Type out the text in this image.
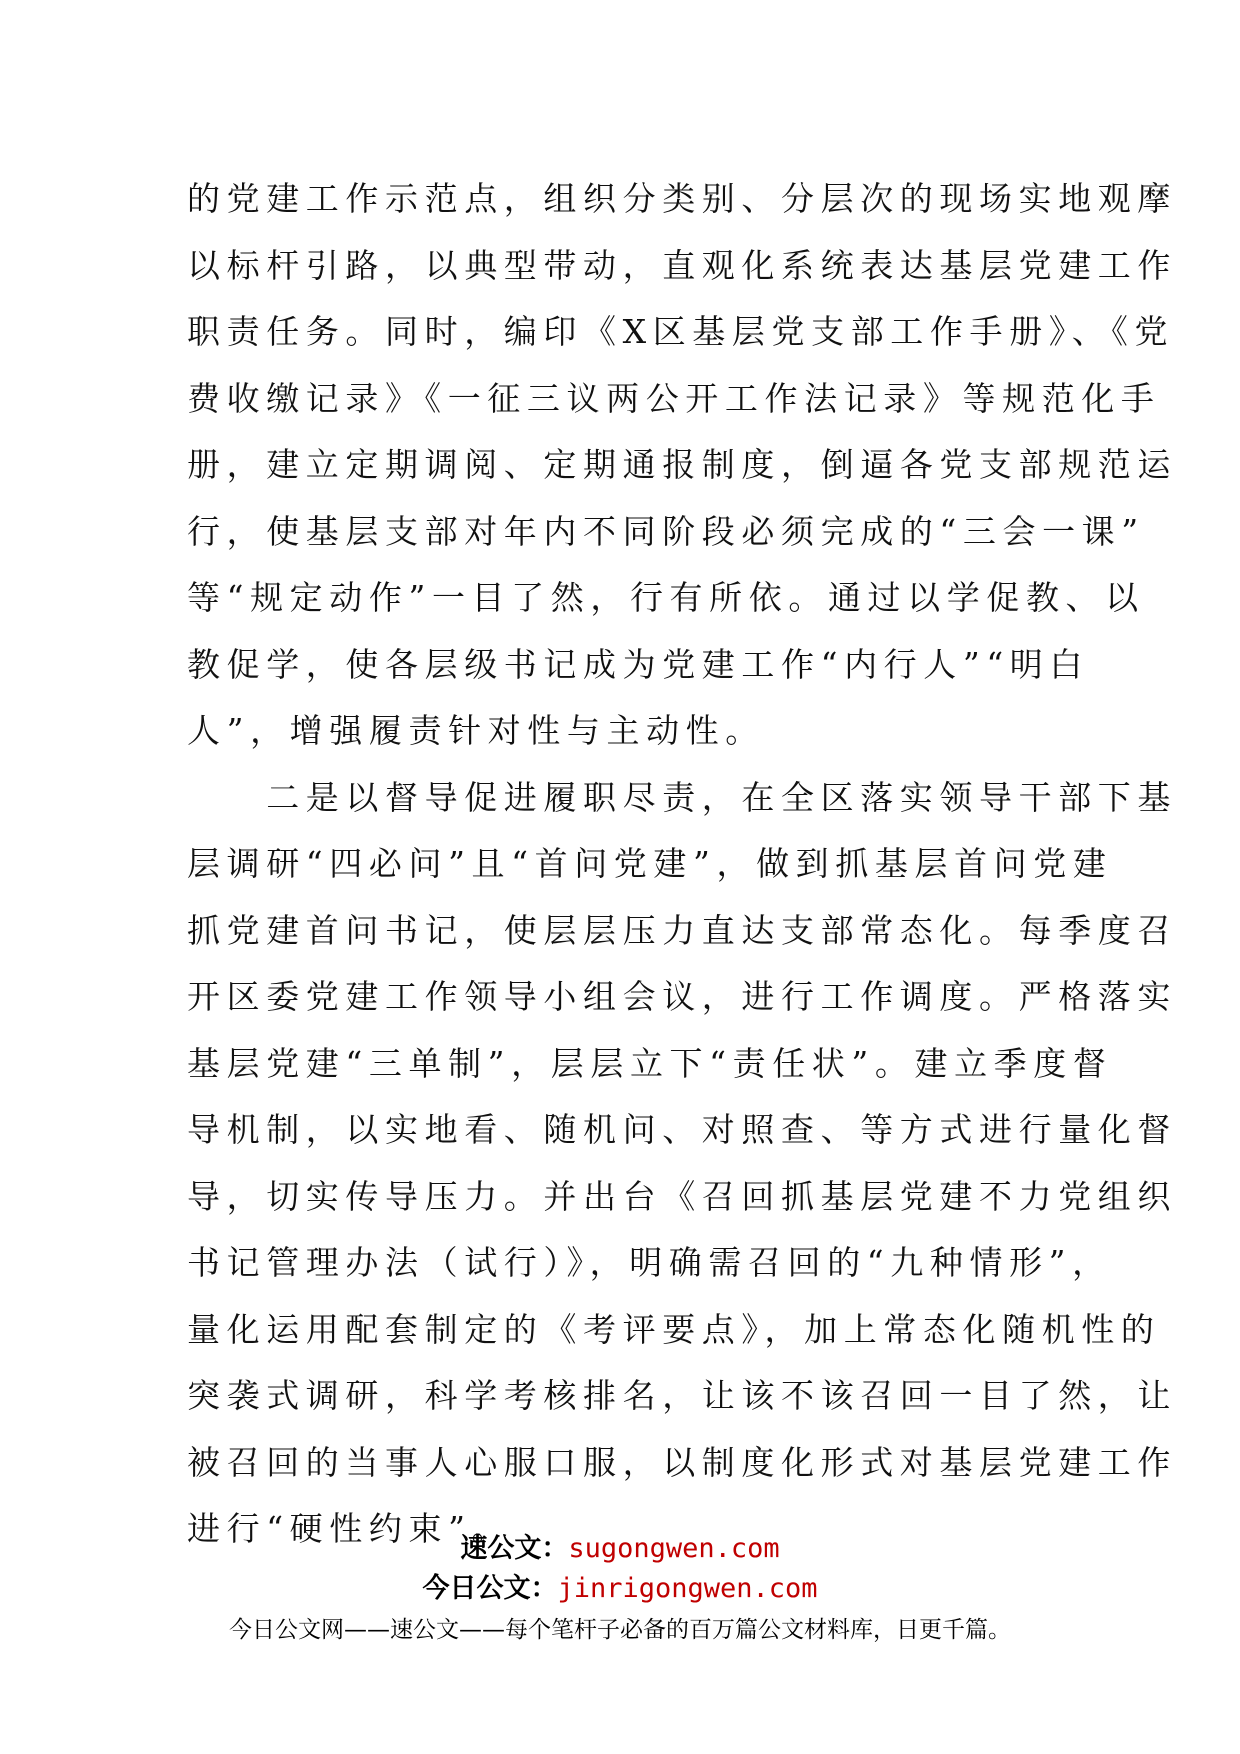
的党建工作示范点，组织分类别、分层次的现场实地观摩
以标杆引路，以典型带动，直观化系统表达基层党建工作
职责任务。同时，编印《X区基层党支部工作手册》、《党
费收缴记录》《一征三议两公开工作法记录》等规范化手
册，建立定期调阅、定期通报制度，倒逼各党支部规范运
行，使基层支部对年内不同阶段必须完成的“三会一课”
等“规定动作”一目了然，行有所依。通过以学促教、以
教促学，使各层级书记成为党建工作“内行人”“明白
人”，增强履责针对性与主动性。
　　二是以督导促进履职尽责，在全区落实领导干部下基
层调研“四必问”且“首问党建”，做到抓基层首问党建
抓党建首问书记，使层层压力直达支部常态化。每季度召
开区委党建工作领导小组会议，进行工作调度。严格落实
基层党建“三单制”，层层立下“责任状”。建立季度督
导机制，以实地看、随机问、对照查、等方式进行量化督
导，切实传导压力。并出台《召回抓基层党建不力党组织
书记管理办法（试行）》，明确需召回的“九种情形”，
量化运用配套制定的《考评要点》，加上常态化随机性的
突袭式调研，科学考核排名，让该不该召回一目了然，让
被召回的当事人心服口服，以制度化形式对基层党建工作
进行“硬性约束”。
速公文：sugongwen.com
今日公文：jinrigongwen.com
今日公文网——速公文——每个笔杆子必备的百万篇公文材料库，日更千篇。
